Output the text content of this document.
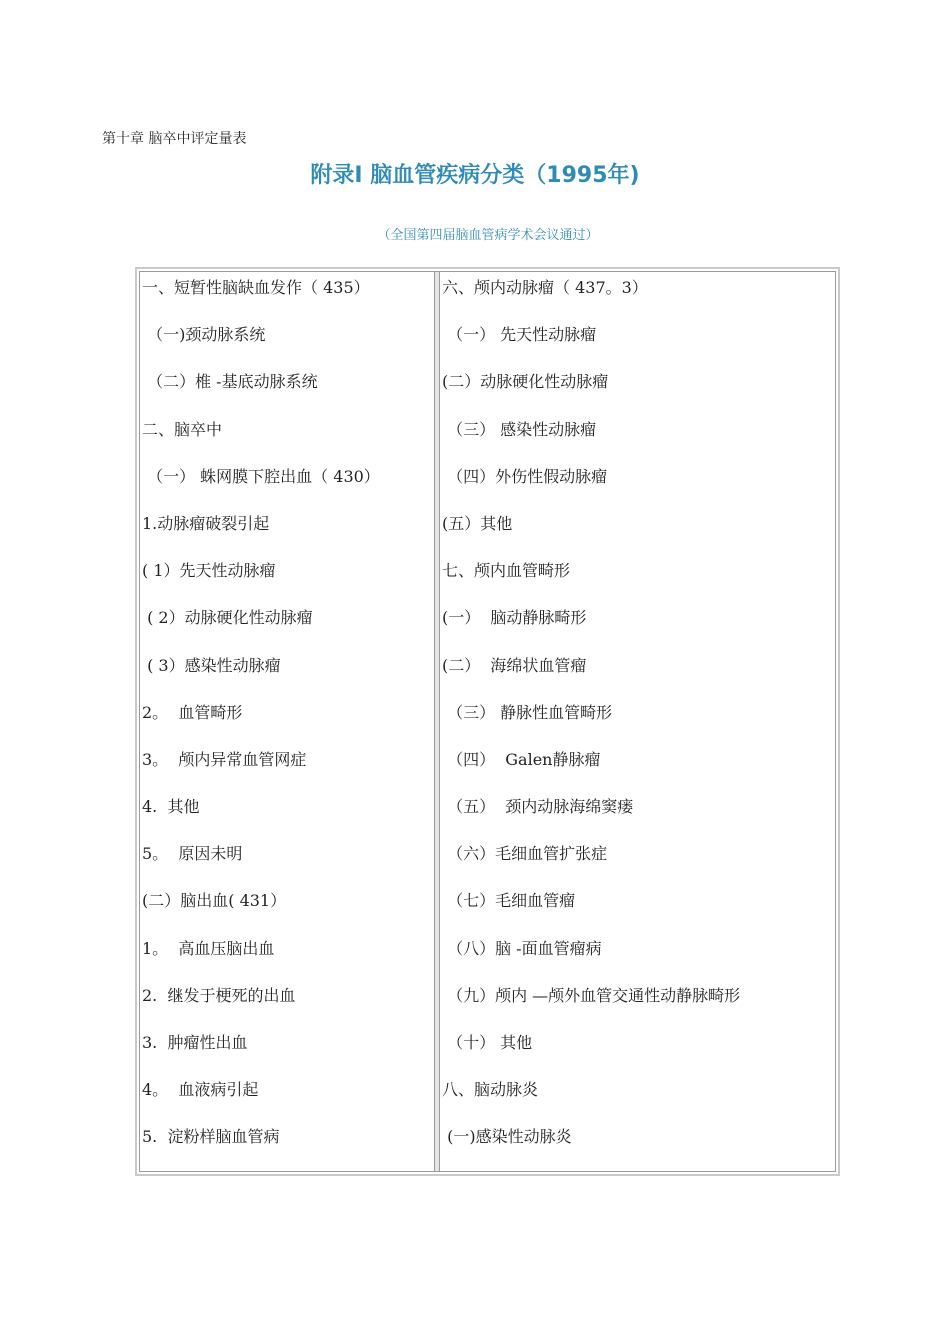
第十章 脑卒中评定量表
附录Ⅰ 脑血管疾病分类（1995年)
（全国第四届脑血管病学术会议通过）
一、短暂性脑缺血发作（ 435）
（一)颈动脉系统
（二）椎 -基底动脉系统
二、脑卒中
（一） 蛛网膜下腔出血（ 430）
1.动脉瘤破裂引起
( 1）先天性动脉瘤
( 2）动脉硬化性动脉瘤
( 3）感染性动脉瘤
2。  血管畸形
3。  颅内异常血管网症
4.  其他
5。  原因未明
(二）脑出血( 431）
1。  高血压脑出血
2.  继发于梗死的出血
3.  肿瘤性出血
4。  血液病引起
5.  淀粉样脑血管病
六、颅内动脉瘤（ 437。3）
（一） 先天性动脉瘤
(二）动脉硬化性动脉瘤
（三） 感染性动脉瘤
（四）外伤性假动脉瘤
(五）其他
七、颅内血管畸形
(一）  脑动静脉畸形
(二）  海绵状血管瘤
（三） 静脉性血管畸形
（四）  Galen静脉瘤
（五）  颈内动脉海绵窦瘘
（六）毛细血管扩张症
（七）毛细血管瘤
（八）脑 -面血管瘤病
（九）颅内 —颅外血管交通性动静脉畸形
（十） 其他
八、脑动脉炎
(一)感染性动脉炎
